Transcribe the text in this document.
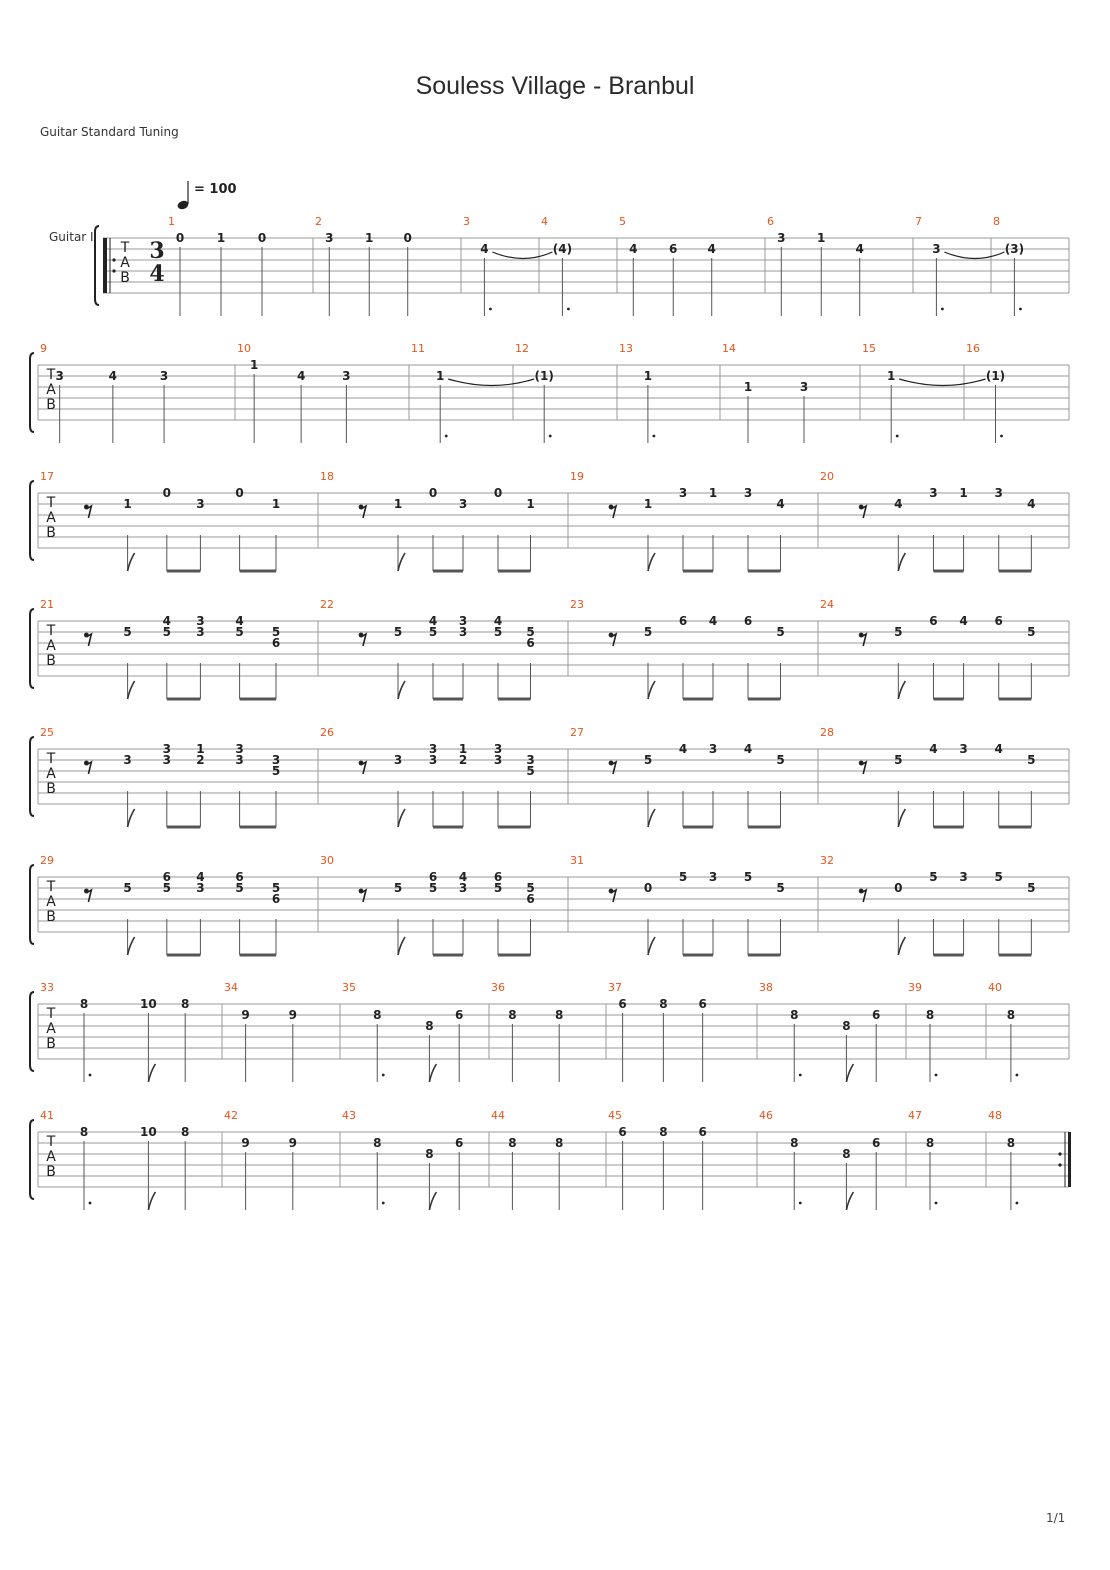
Souless Village - Branbul
Guitar Standard Tuning
1/1
= 100
Guitar I
T
A
B
3
4
1
0	1	0
2
3	1	0
3
4
4
(4)
5
4	6	4
6
3	1
4
7
3
8
(3)
T
A
B
9
3	4	3
10
1
4	3
11
1
12
(1)
13
1
14
1	3
15
1
16
(1)
T
A
B
17
1
0
3
0
1
18
1
0
3
0
1
19
1
3 1 3
4
20
4
3 1 3
4
T
A
B
21
5
4
5
3
3
4
5 5
6
22
5
4
5
3
3
4
5 5
6
23
5
6 4 6
5
24
5
6 4 6
5
T
A
B
25
3
3
3
1
2
3
3 3
5
26
3
3
3
1
2
3
3 3
5
27
5
4 3 4
5
28
5
4 3 4
5
T
A
B
29
5
6
5
4
3
6
5 5
6
30
5
6
5
4
3
6
5 5
6
31
0
5 3 5
5
32
0
5 3 5
5
T
A
B
33
8	10 8
34
9	9
35
8
8
6
36
8	8
37
6	8	6
38
8
8
6
39
8
40
8
T
A
B
41
8	10 8
42
9	9
43
8
8
6
44
8	8
45
6	8	6
46
8
8
6
47
8
48
8
